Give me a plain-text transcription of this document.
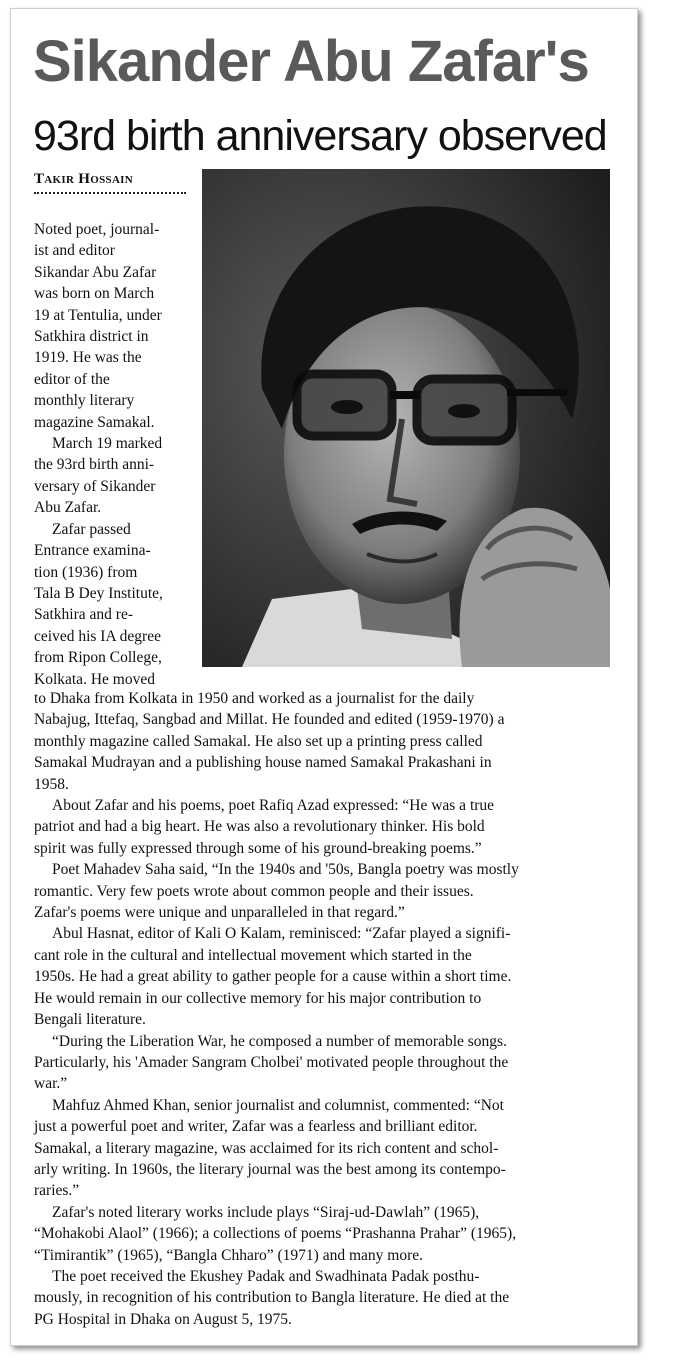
Sikander Abu Zafar's
93rd birth anniversary observed
Takir Hossain

Noted poet, journal-

ist and editor

Sikandar Abu Zafar

was born on March

19 at Tentulia, under

Satkhira district in

1919. He was the

editor of the

monthly literary

magazine Samakal.

March 19 marked

the 93rd birth anni-

versary of Sikander

Abu Zafar.

Zafar passed

Entrance examina-

tion (1936) from

Tala B Dey Institute,

Satkhira and re-

ceived his IA degree

from Ripon College,

Kolkata. He moved

to Dhaka from Kolkata in 1950 and worked as a journalist for the daily

Nabajug, Ittefaq, Sangbad and Millat. He founded and edited (1959-1970) a

monthly magazine called Samakal. He also set up a printing press called

Samakal Mudrayan and a publishing house named Samakal Prakashani in

1958.

About Zafar and his poems, poet Rafiq Azad expressed: “He was a true

patriot and had a big heart. He was also a revolutionary thinker. His bold

spirit was fully expressed through some of his ground-breaking poems.”

Poet Mahadev Saha said, “In the 1940s and '50s, Bangla poetry was mostly

romantic. Very few poets wrote about common people and their issues.

Zafar's poems were unique and unparalleled in that regard.”

Abul Hasnat, editor of Kali O Kalam, reminisced: “Zafar played a signifi-

cant role in the cultural and intellectual movement which started in the

1950s. He had a great ability to gather people for a cause within a short time.

He would remain in our collective memory for his major contribution to

Bengali literature.

“During the Liberation War, he composed a number of memorable songs.

Particularly, his 'Amader Sangram Cholbei' motivated people throughout the

war.”

Mahfuz Ahmed Khan, senior journalist and columnist, commented: “Not

just a powerful poet and writer, Zafar was a fearless and brilliant editor.

Samakal, a literary magazine, was acclaimed for its rich content and schol-

arly writing. In 1960s, the literary journal was the best among its contempo-

raries.”

Zafar's noted literary works include plays “Siraj-ud-Dawlah” (1965),

“Mohakobi Alaol” (1966); a collections of poems “Prashanna Prahar” (1965),

“Timirantik” (1965), “Bangla Chharo” (1971) and many more.

The poet received the Ekushey Padak and Swadhinata Padak posthu-

mously, in recognition of his contribution to Bangla literature. He died at the

PG Hospital in Dhaka on August 5, 1975.
